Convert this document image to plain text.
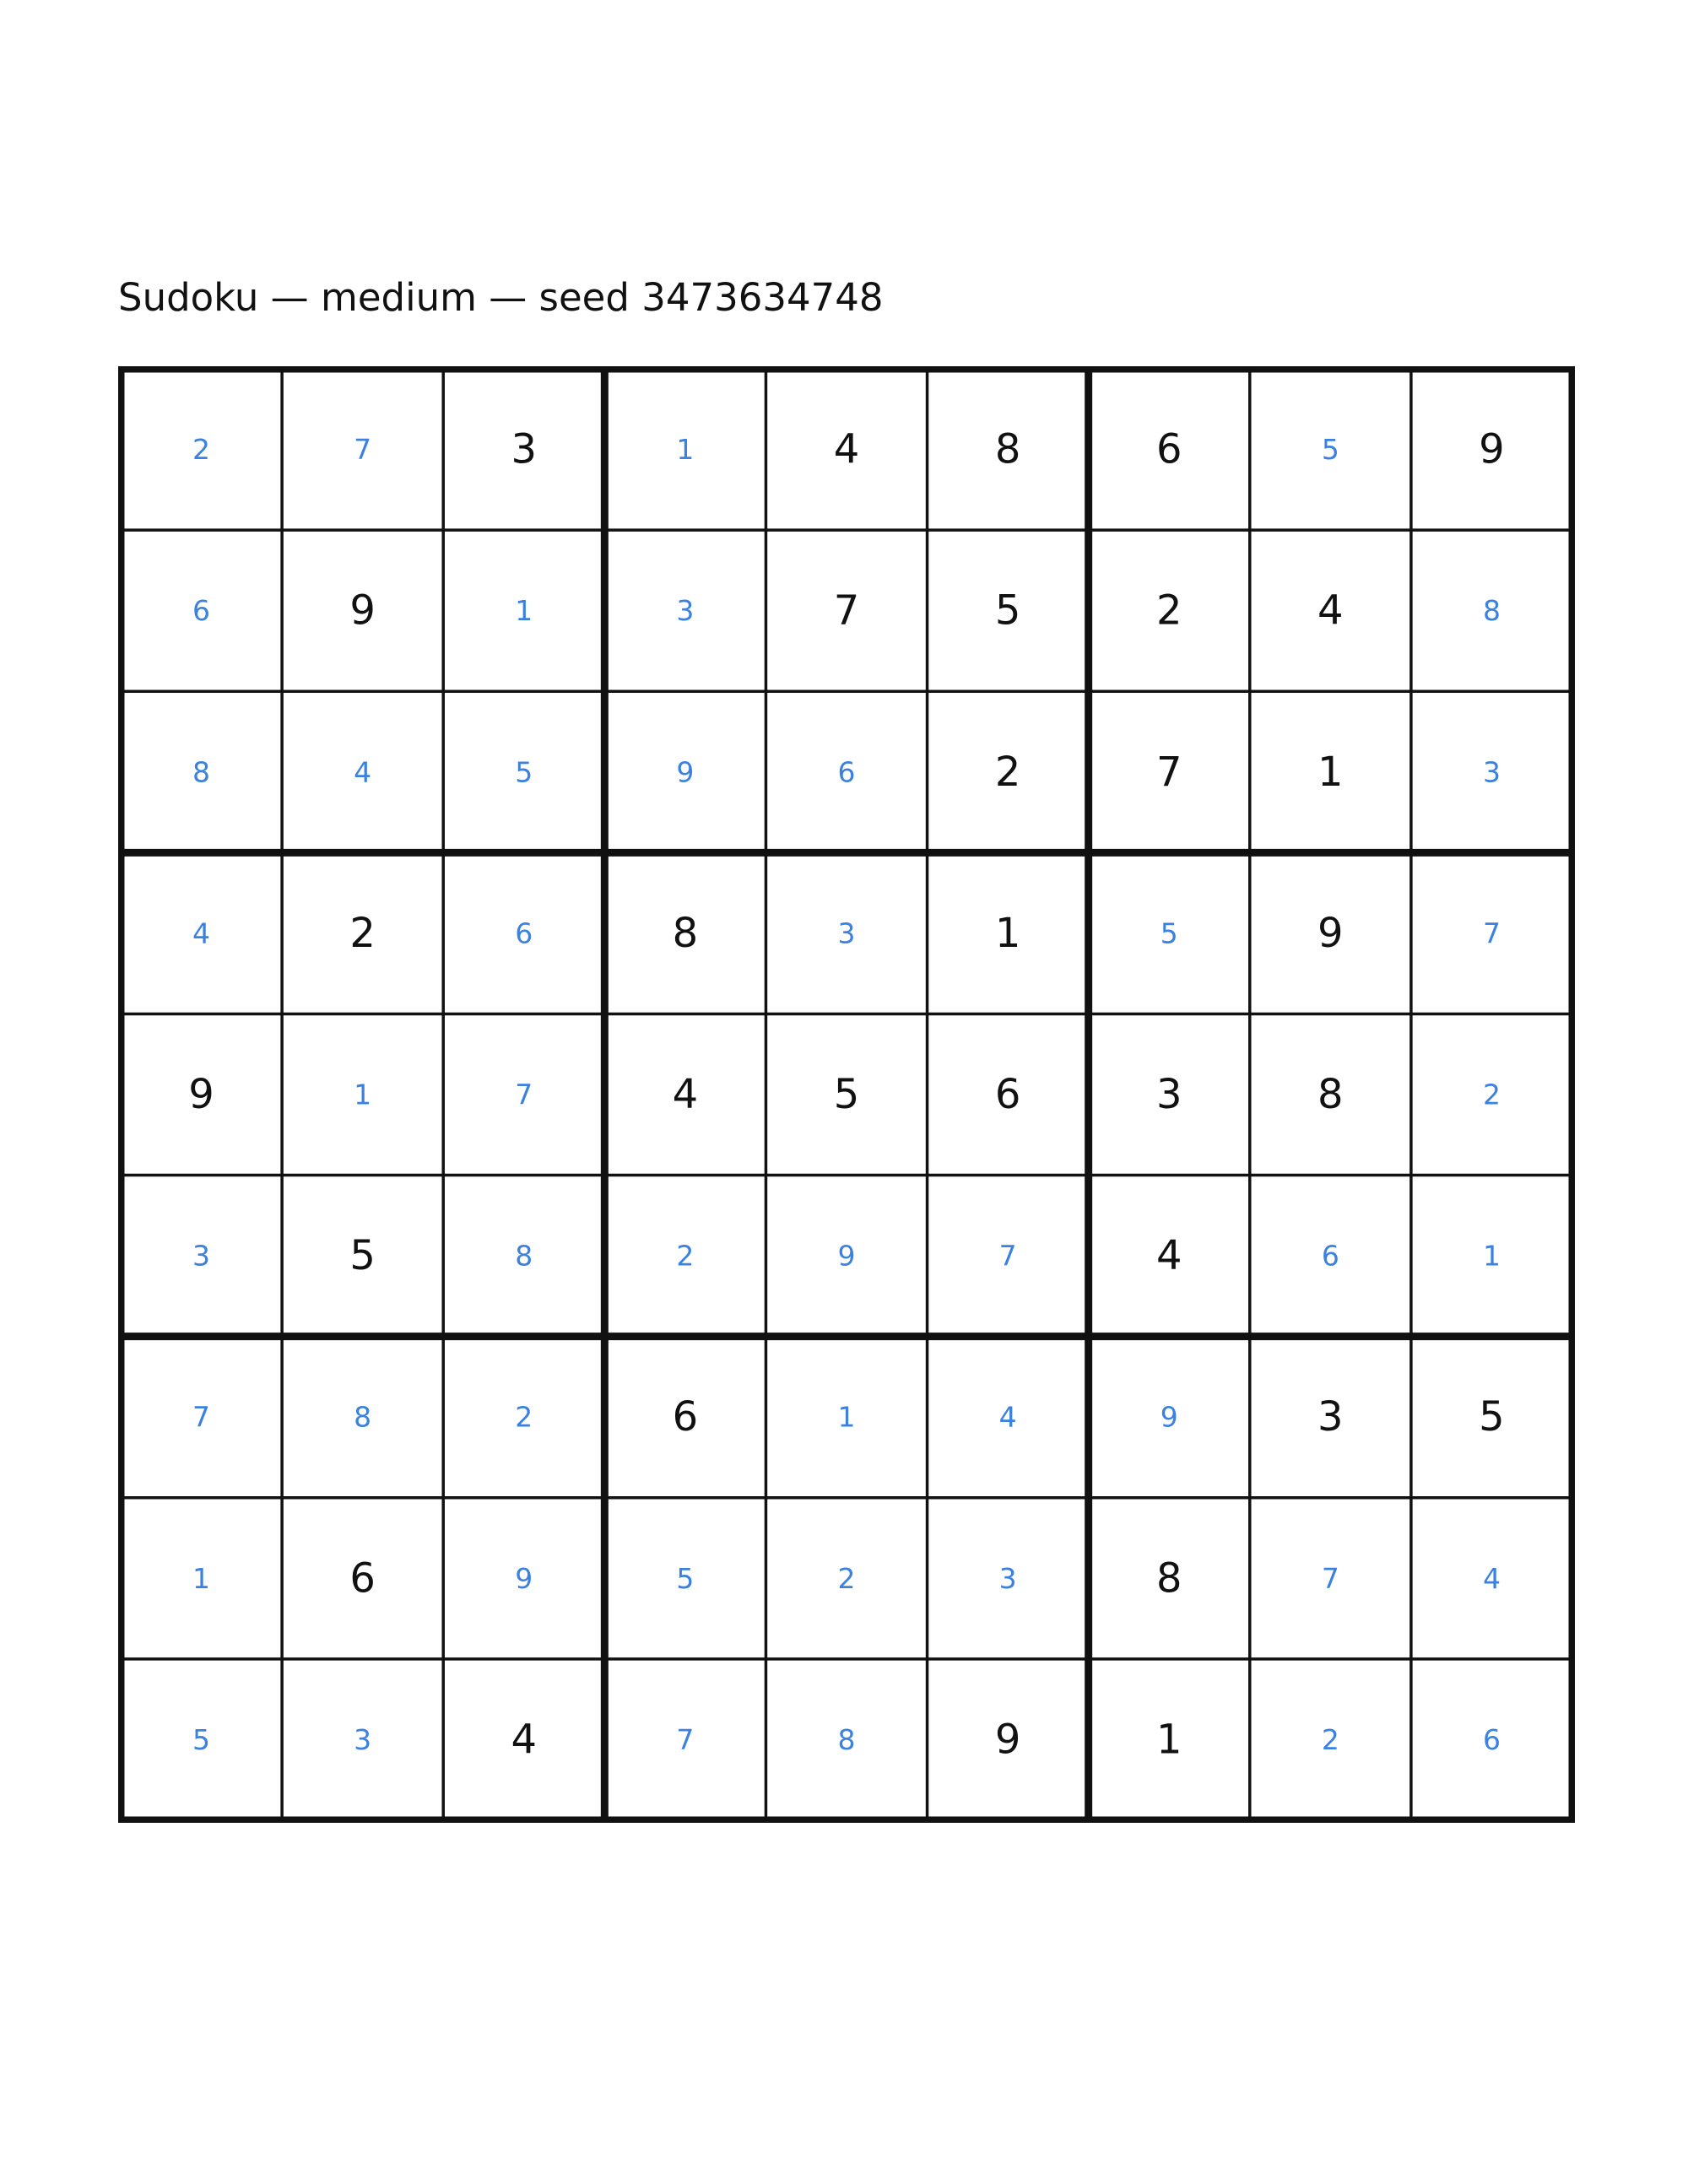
Sudoku — medium — seed 3473634748
2	7	3	1	4	8	6	5	9
6	9	1	3	7	5	2	4	8
8	4	5	9	6	2	7	1	3
4	2	6	8	3	1	5	9	7
9	1	7	4	5	6	3	8	2
3	5	8	2	9	7	4	6	1
7	8	2	6	1	4	9	3	5
1	6	9	5	2	3	8	7	4
5	3	4	7	8	9	1	2	6
